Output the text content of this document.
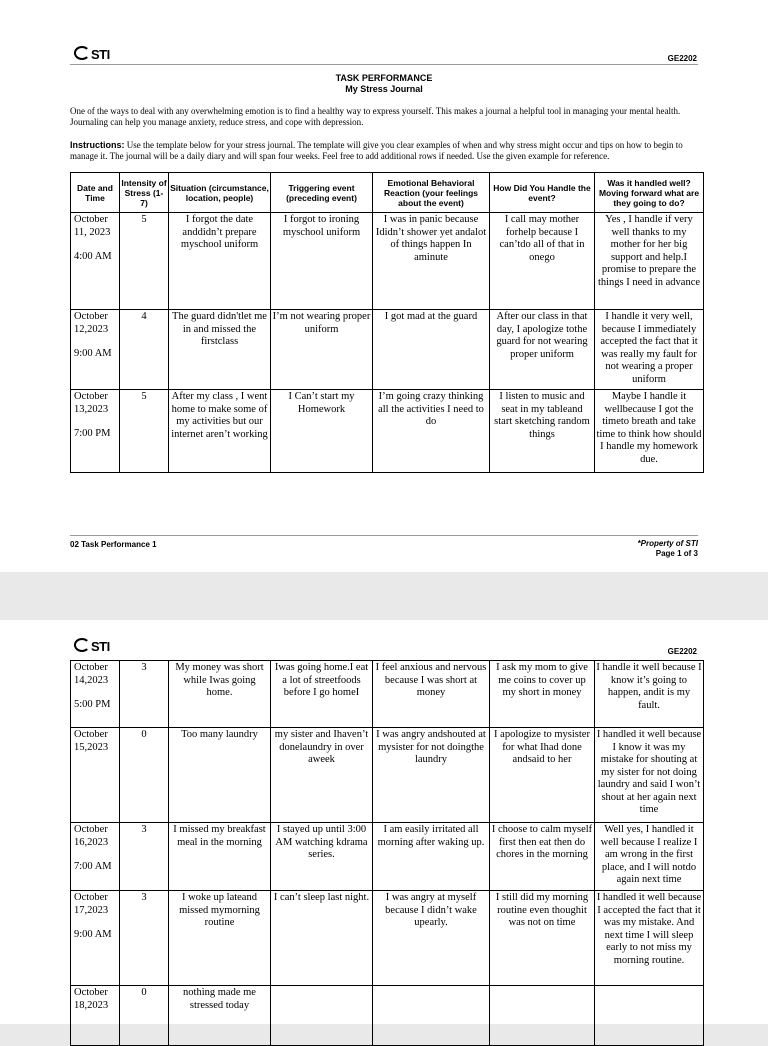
STI	GE2202
TASK PERFORMANCE
My Stress Journal
One of the ways to deal with any overwhelming emotion is to find a healthy way to express yourself. This makes a journal a helpful tool in managing your mental health. Journaling can help you manage anxiety, reduce stress, and cope with depression.
Instructions: Use the template below for your stress journal. The template will give you clear examples of when and why stress might occur and tips on how to begin to manage it. The journal will be a daily diary and will span four weeks. Feel free to add additional rows if needed. Use the given example for reference.
Date and Time	Intensity of Stress (1-7)	Situation (circumstance, location, people)	Triggering event (preceding event)	Emotional Behavioral Reaction (your feelings about the event)	How Did You Handle the event?	Was it handled well? Moving forward what are they going to do?
October 11, 2023
4:00 AM	5	I forgot the date anddidn’t prepare myschool uniform	I forgot to ironing myschool uniform	I was in panic because Ididn’t shower yet andalot of things happen In aminute	I call may mother forhelp because I can’tdo all of that in onego	Yes , I handle if very well thanks to my mother for her big support and help.I promise to prepare the things I need in advance
October 12,2023
9:00 AM	4	The guard didn'tlet me in and missed the firstclass	I’m not wearing proper uniform	I got mad at the guard	After our class in that day, I apologize tothe guard for not wearing proper uniform	I handle it very well, because I immediately accepted the fact that it was really my fault for not wearing a proper uniform
October 13,2023
7:00 PM	5	After my class , I went home to make some of my activities but our internet aren’t working	I Can’t start my Homework	I’m going crazy thinking all the activities I need to do	I listen to music and seat in my tableand start sketching random things	Maybe I handle it wellbecause I got the timeto breath and take time to think how should I handle my homework due.
02 Task Performance 1	*Property of STI
Page 1 of 3
STI	GE2202
October 14,2023
5:00 PM	3	My money was short while Iwas going home.	Iwas going home.I eat a lot of streetfoods before I go homeI	I feel anxious and nervous because I was short at money	I ask my mom to give me coins to cover up my short in money	I handle it well because I know it’s going to happen, andit is my fault.
October 15,2023	0	Too many laundry	my sister and Ihaven’t donelaundry in over aweek	I was angry andshouted at mysister for not doingthe laundry	I apologize to mysister for what Ihad done andsaid to her	I handled it well because I know it was my mistake for shouting at my sister for not doing laundry and said I won’t shout at her again next time
October 16,2023
7:00 AM	3	I missed my breakfast meal in the morning	I stayed up until 3:00 AM watching kdrama series.	I am easily irritated all morning after waking up.	I choose to calm myself first then eat then do chores in the morning	Well yes, I handled it well because I realize I am wrong in the first place, and I will notdo again next time
October 17,2023
9:00 AM	3	I woke up lateand missed mymorning routine	I can’t sleep last night.	I was angry at myself because I didn’t wake upearly.	I still did my morning routine even thoughit was not on time	I handled it well because I accepted the fact that it was my mistake. And next time I will sleep early to not miss my morning routine.
October 18,2023	0	nothing made me stressed today				
